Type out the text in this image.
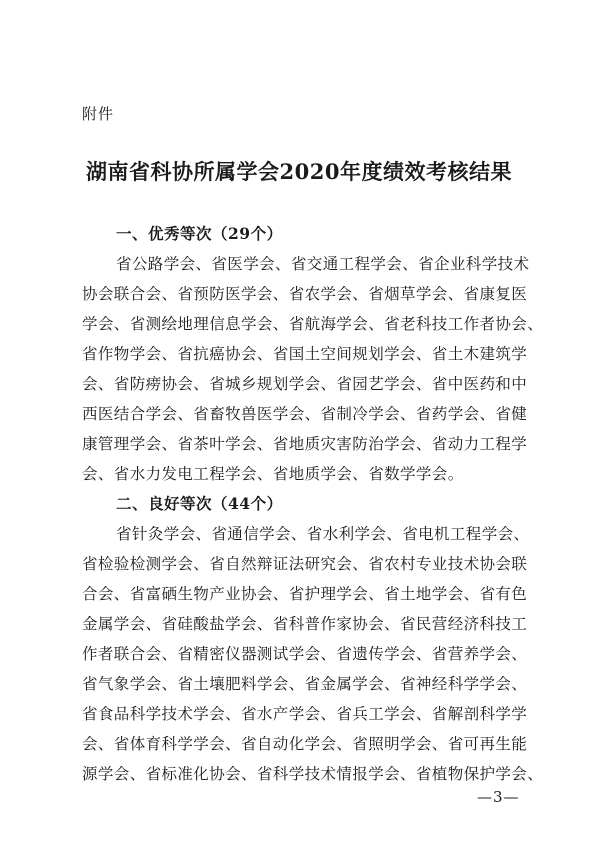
附件
湖南省科协所属学会2020年度绩效考核结果
一、优秀等次（29个）
省公路学会、省医学会、省交通工程学会、省企业科学技术
协会联合会、省预防医学会、省农学会、省烟草学会、省康复医
学会、省测绘地理信息学会、省航海学会、省老科技工作者协会、
省作物学会、省抗癌协会、省国土空间规划学会、省土木建筑学
会、省防痨协会、省城乡规划学会、省园艺学会、省中医药和中
西医结合学会、省畜牧兽医学会、省制冷学会、省药学会、省健
康管理学会、省茶叶学会、省地质灾害防治学会、省动力工程学
会、省水力发电工程学会、省地质学会、省数学学会。
二、良好等次（44个）
省针灸学会、省通信学会、省水利学会、省电机工程学会、
省检验检测学会、省自然辩证法研究会、省农村专业技术协会联
合会、省富硒生物产业协会、省护理学会、省土地学会、省有色
金属学会、省硅酸盐学会、省科普作家协会、省民营经济科技工
作者联合会、省精密仪器测试学会、省遗传学会、省营养学会、
省气象学会、省土壤肥料学会、省金属学会、省神经科学学会、
省食品科学技术学会、省水产学会、省兵工学会、省解剖科学学
会、省体育科学学会、省自动化学会、省照明学会、省可再生能
源学会、省标准化协会、省科学技术情报学会、省植物保护学会、
—3—
